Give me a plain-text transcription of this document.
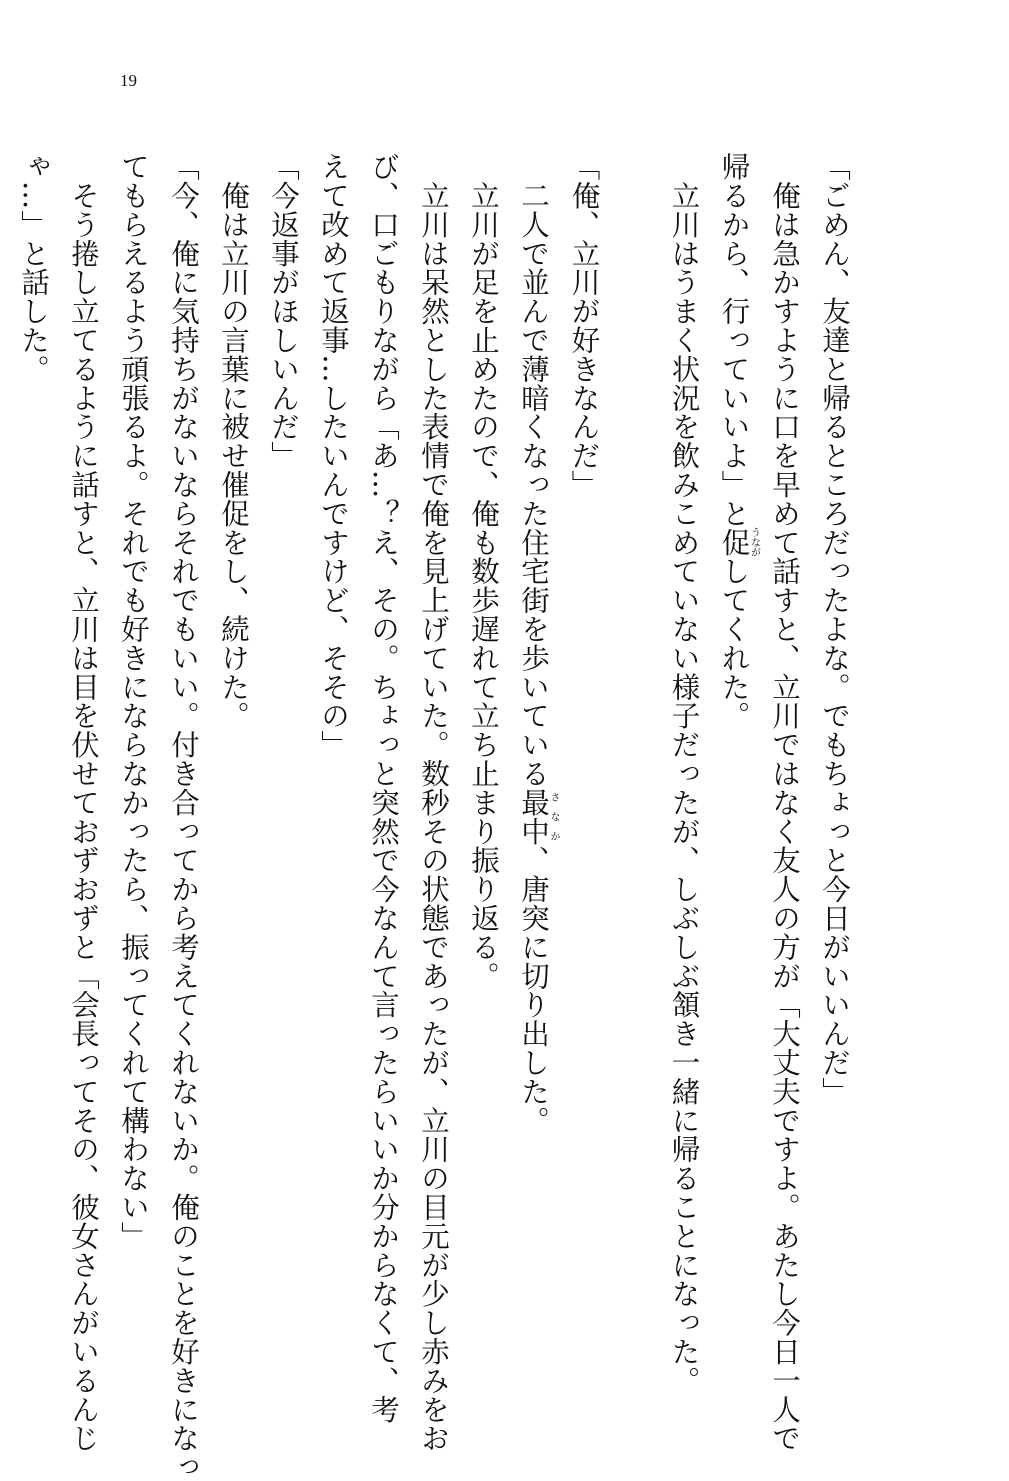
19
「ごめん、友達と帰るところだったよな。でもちょっと今日がいいんだ」
　俺は急かすように口を早めて話すと、立川ではなく友人の方が「大丈夫ですよ。あたし今日一人で
帰るから、行っていいよ」と促うながしてくれた。
　立川はうまく状況を飲みこめていない様子だったが、しぶしぶ頷き一緒に帰ることになった。
「俺、立川が好きなんだ」
　二人で並んで薄暗くなった住宅街を歩いている最中さなか、唐突に切り出した。
　立川が足を止めたので、俺も数歩遅れて立ち止まり振り返る。
　立川は呆然とした表情で俺を見上げていた。数秒その状態であったが、立川の目元が少し赤みをお
び、口ごもりながら「あ…？え、その。ちょっと突然で今なんて言ったらいいか分からなくて、考
えて改めて返事…したいんですけど、そその」
「今返事がほしいんだ」
　俺は立川の言葉に被せ催促をし、続けた。
「今、俺に気持ちがないならそれでもいい。付き合ってから考えてくれないか。俺のことを好きになっ
てもらえるよう頑張るよ。それでも好きにならなかったら、振ってくれて構わない」
　そう捲し立てるように話すと、立川は目を伏せておずおずと「会長ってその、彼女さんがいるんじ
ゃ…」と話した。
